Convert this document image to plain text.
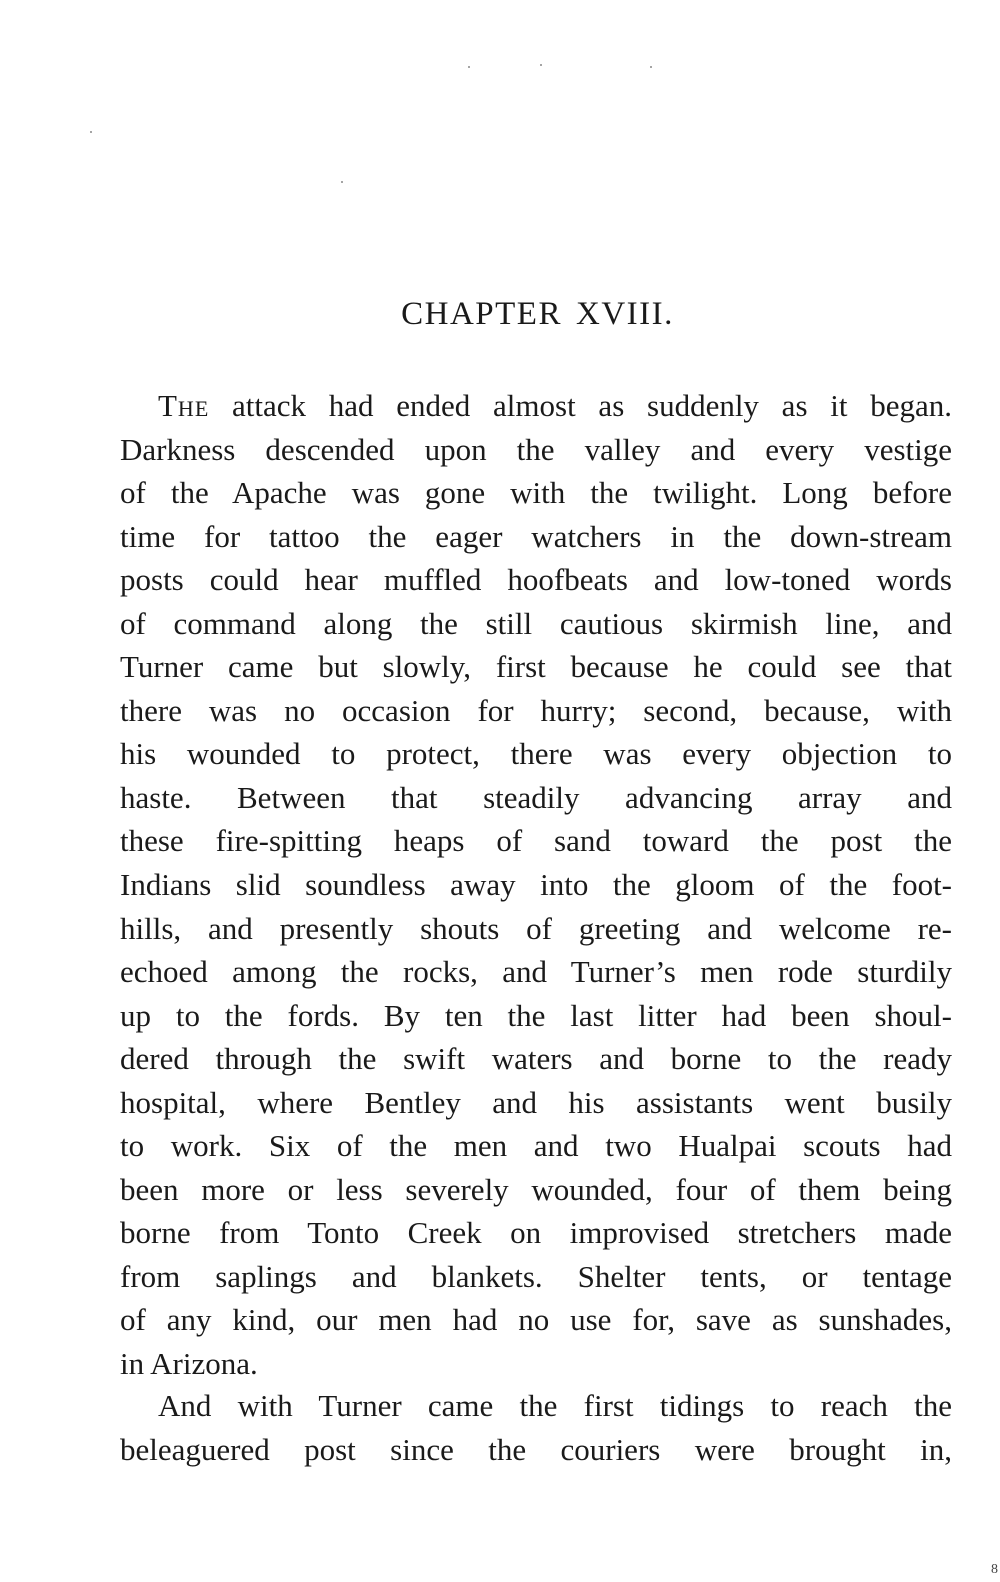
CHAPTER XVIII.
The attack had ended almost as suddenly as it began.
Darkness descended upon the valley and every vestige
of the Apache was gone with the twilight. Long before
time for tattoo the eager watchers in the down-stream
posts could hear muffled hoofbeats and low-toned words
of command along the still cautious skirmish line, and
Turner came but slowly, first because he could see that
there was no occasion for hurry; second, because, with
his wounded to protect, there was every objection to
haste. Between that steadily advancing array and
these fire-spitting heaps of sand toward the post the
Indians slid soundless away into the gloom of the foot-
hills, and presently shouts of greeting and welcome re-
echoed among the rocks, and Turner’s men rode sturdily
up to the fords. By ten the last litter had been shoul-
dered through the swift waters and borne to the ready
hospital, where Bentley and his assistants went busily
to work. Six of the men and two Hualpai scouts had
been more or less severely wounded, four of them being
borne from Tonto Creek on improvised stretchers made
from saplings and blankets. Shelter tents, or tentage
of any kind, our men had no use for, save as sunshades,
in Arizona.
And with Turner came the first tidings to reach the
beleaguered post since the couriers were brought in,
8
